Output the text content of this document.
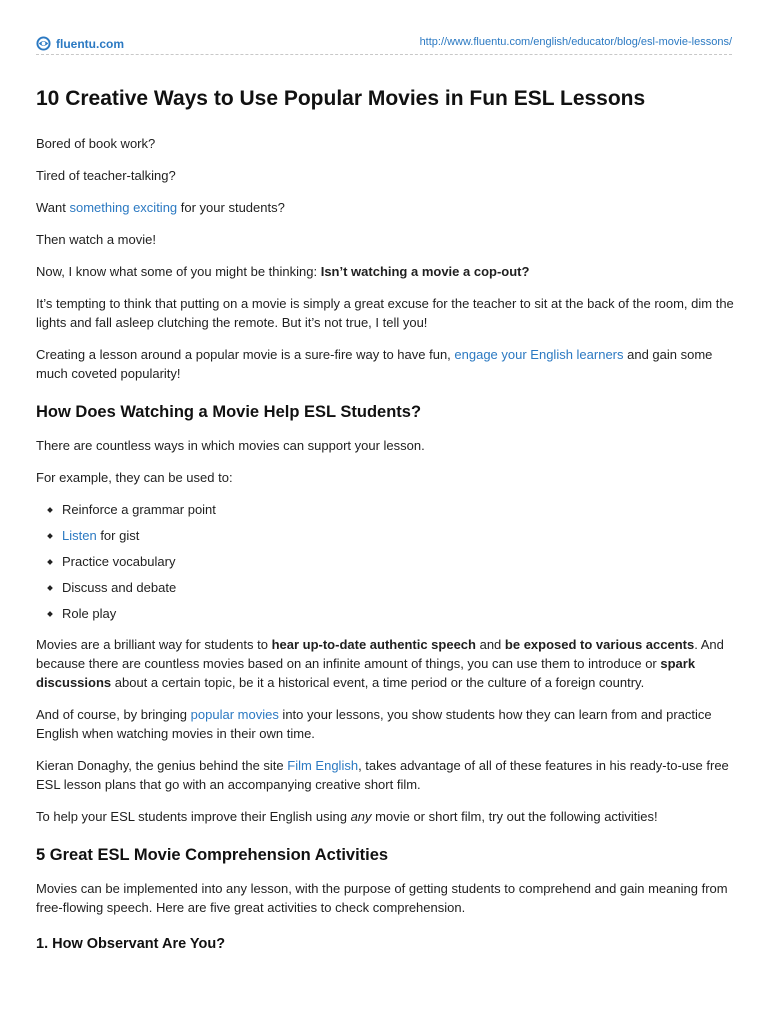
fluentu.com	http://www.fluentu.com/english/educator/blog/esl-movie-lessons/
10 Creative Ways to Use Popular Movies in Fun ESL Lessons

Bored of book work?

Tired of teacher-talking?

Want something exciting for your students?

Then watch a movie!

Now, I know what some of you might be thinking: Isn’t watching a movie a cop-out?

It’s tempting to think that putting on a movie is simply a great excuse for the teacher to sit at the back of the room, dim the lights and fall asleep clutching the remote. But it’s not true, I tell you!

Creating a lesson around a popular movie is a sure-fire way to have fun, engage your English learners and gain some much coveted popularity!

How Does Watching a Movie Help ESL Students?

There are countless ways in which movies can support your lesson.

For example, they can be used to:

Reinforce a grammar point
Listen for gist
Practice vocabulary
Discuss and debate
Role play

Movies are a brilliant way for students to hear up-to-date authentic speech and be exposed to various accents. And because there are countless movies based on an infinite amount of things, you can use them to introduce or spark discussions about a certain topic, be it a historical event, a time period or the culture of a foreign country.

And of course, by bringing popular movies into your lessons, you show students how they can learn from and practice English when watching movies in their own time.

Kieran Donaghy, the genius behind the site Film English, takes advantage of all of these features in his ready-to-use free ESL lesson plans that go with an accompanying creative short film.

To help your ESL students improve their English using any movie or short film, try out the following activities!

5 Great ESL Movie Comprehension Activities

Movies can be implemented into any lesson, with the purpose of getting students to comprehend and gain meaning from free-flowing speech. Here are five great activities to check comprehension.

1. How Observant Are You?
